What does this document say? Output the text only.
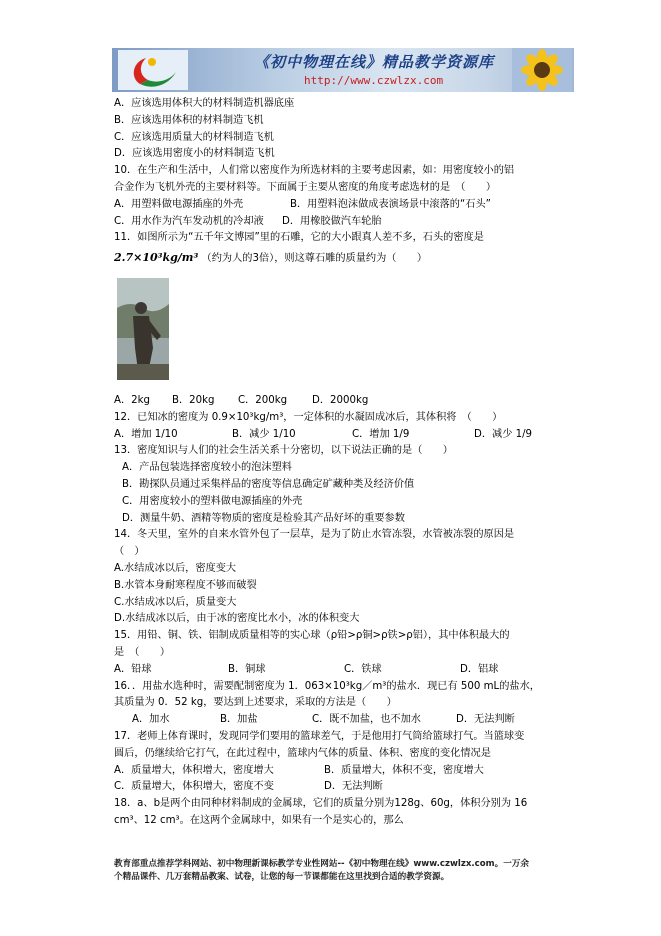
《初中物理在线》精品教学资源库
http://www.czwlzx.com
A．应该选用体积大的材料制造机器底座
B．应该选用体积的材料制造飞机
C．应该选用质量大的材料制造飞机
D．应该选用密度小的材料制造飞机
10．在生产和生活中，人们常以密度作为所选材料的主要考虑因素，如：用密度较小的铝
合金作为飞机外壳的主要材料等。下面属于主要从密度的角度考虑选材的是　（　　）
A．用塑料做电源插座的外壳	B．用塑料泡沫做成表演场景中滚落的“石头”
C．用水作为汽车发动机的冷却液	D．用橡胶做汽车轮胎
11．如图所示为“五千年文博园”里的石雕，它的大小跟真人差不多，石头的密度是
2.7×10³kg/m³ （约为人的3倍），则这尊石雕的质量约为（　　）
A．2kg	B．20kg	C．200kg	D．2000kg
12．已知冰的密度为 0.9×10³kg/m³，一定体积的水凝固成冰后，其体积将　（　　）
A．增加 1/10	B．减少 1/10	C．增加 1/9	D．减少 1/9
13．密度知识与人们的社会生活关系十分密切，以下说法正确的是（　　）
A．产品包装选择密度较小的泡沫塑料
B．勘探队员通过采集样品的密度等信息确定矿藏种类及经济价值
C．用密度较小的塑料做电源插座的外壳
D．测量牛奶、酒精等物质的密度是检验其产品好坏的重要参数
14．冬天里，室外的自来水管外包了一层草，是为了防止水管冻裂，水管被冻裂的原因是
（　）
A.水结成冰以后，密度变大
B.水管本身耐寒程度不够而破裂
C.水结成冰以后，质量变大
D.水结成冰以后，由于冰的密度比水小，冰的体积变大
15．用铅、铜、铁、铝制成质量相等的实心球（ρ铅>ρ铜>ρ铁>ρ铝），其中体积最大的
是　（　　）
A．铅球	B．铜球	C．铁球	D．铝球
16．．用盐水选种时，需要配制密度为 1．063×10³kg／m³的盐水．现已有 500 mL的盐水，
其质量为 0．52 kg，要达到上述要求，采取的方法是（　　）
A．加水	B．加盐	C．既不加盐，也不加水	D．无法判断
17．老师上体育课时，发现同学们要用的篮球差气，于是他用打气筒给篮球打气。当篮球变
圆后，仍继续给它打气，在此过程中，篮球内气体的质量、体积、密度的变化情况是
A．质量增大，体积增大，密度增大	B．质量增大，体积不变，密度增大
C．质量增大，体积增大，密度不变	D．无法判断
18．a、b是两个由同种材料制成的金属球，它们的质量分别为128g、60g，体积分别为 16
cm³、12 cm³。在这两个金属球中，如果有一个是实心的，那么
教育部重点推荐学科网站、初中物理新课标教学专业性网站--《初中物理在线》www.czwlzx.com。一万余
个精品课件、几万套精品教案、试卷，让您的每一节课都能在这里找到合适的教学资源。
